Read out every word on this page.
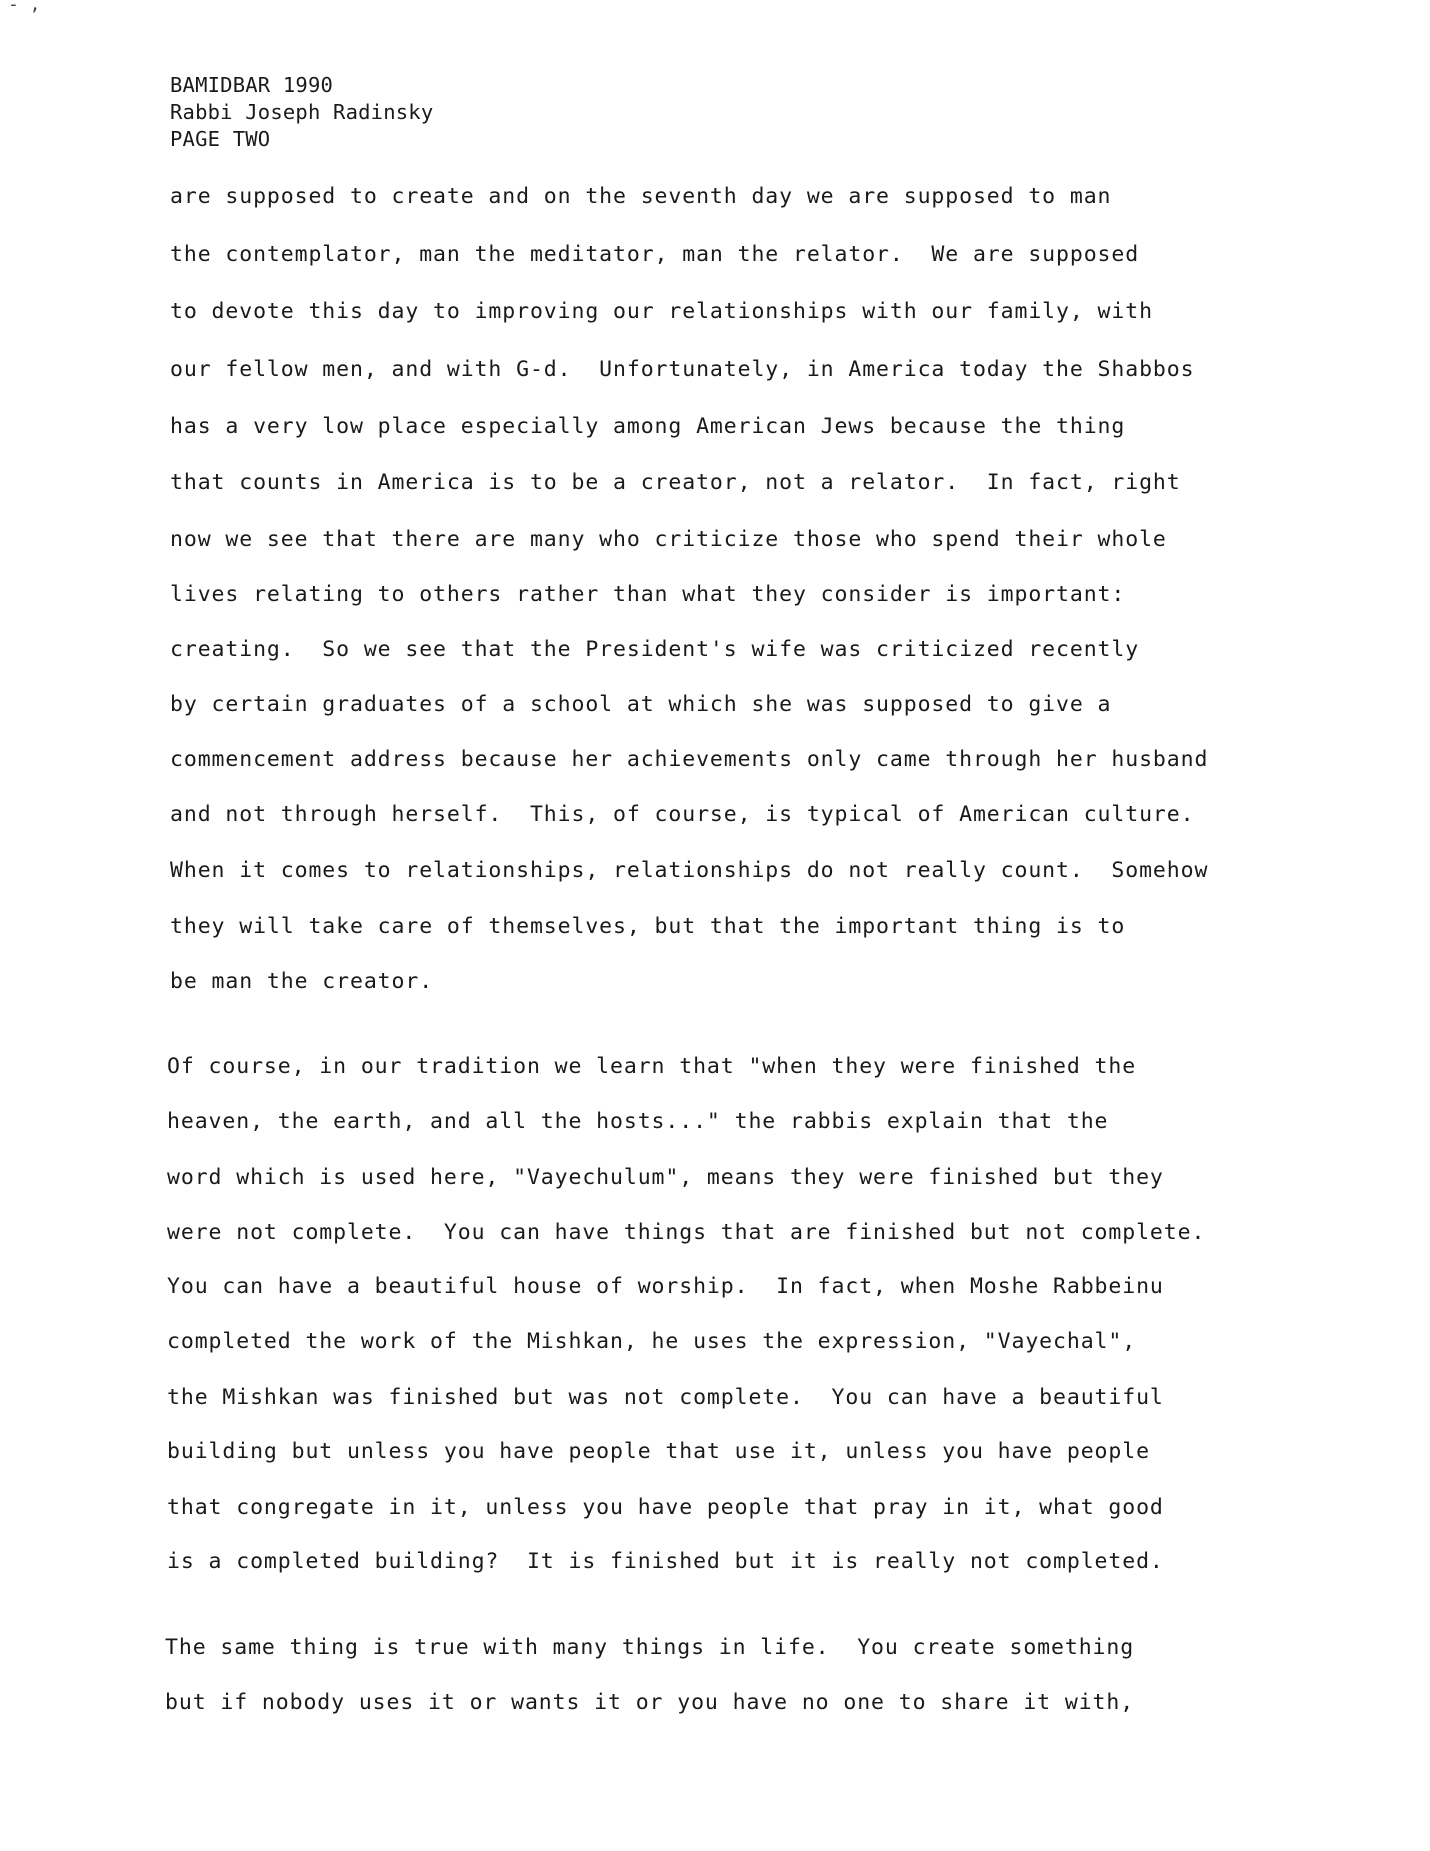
- ,
BAMIDBAR 1990
Rabbi Joseph Radinsky
PAGE TWO
are supposed to create and on the seventh day we are supposed to man
the contemplator, man the meditator, man the relator.  We are supposed
to devote this day to improving our relationships with our family, with
our fellow men, and with G-d.  Unfortunately, in America today the Shabbos
has a very low place especially among American Jews because the thing
that counts in America is to be a creator, not a relator.  In fact, right
now we see that there are many who criticize those who spend their whole
lives relating to others rather than what they consider is important:
creating.  So we see that the President's wife was criticized recently
by certain graduates of a school at which she was supposed to give a
commencement address because her achievements only came through her husband
and not through herself.  This, of course, is typical of American culture.
When it comes to relationships, relationships do not really count.  Somehow
they will take care of themselves, but that the important thing is to
be man the creator.
Of course, in our tradition we learn that "when they were finished the
heaven, the earth, and all the hosts..." the rabbis explain that the
word which is used here, "Vayechulum", means they were finished but they
were not complete.  You can have things that are finished but not complete.
You can have a beautiful house of worship.  In fact, when Moshe Rabbeinu
completed the work of the Mishkan, he uses the expression, "Vayechal",
the Mishkan was finished but was not complete.  You can have a beautiful
building but unless you have people that use it, unless you have people
that congregate in it, unless you have people that pray in it, what good
is a completed building?  It is finished but it is really not completed.
The same thing is true with many things in life.  You create something
but if nobody uses it or wants it or you have no one to share it with,
